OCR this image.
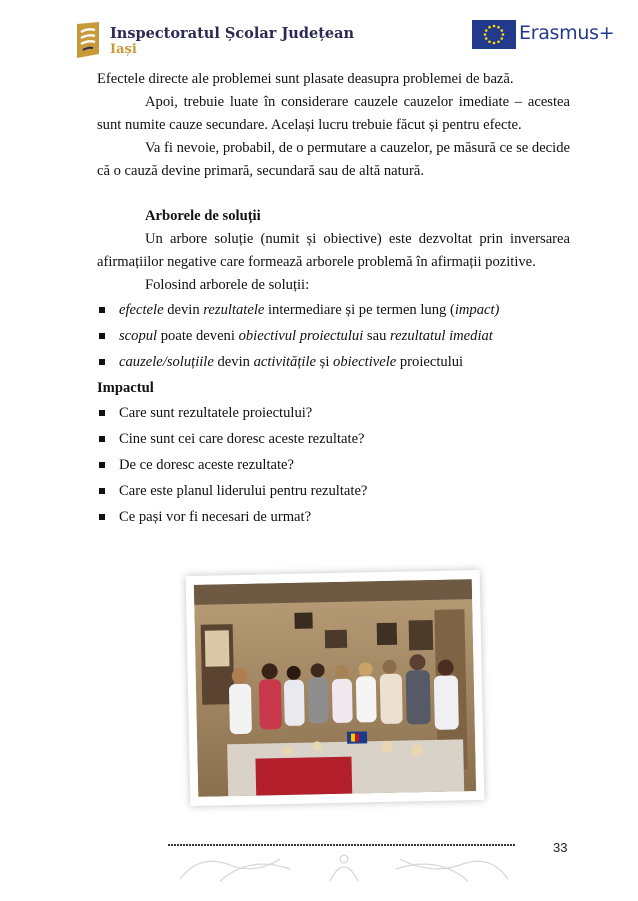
Inspectoratul Școlar Județean
Iași
Erasmus+

Efectele directe ale problemei sunt plasate deasupra problemei de bază.

Apoi, trebuie luate în considerare cauzele cauzelor imediate – acestea sunt numite cauze secundare. Același lucru trebuie făcut și pentru efecte.

Va fi nevoie, probabil, de o permutare a cauzelor, pe măsură ce se decide că o cauză devine primară, secundară sau de altă natură.

Arborele de soluții

Un arbore soluție (numit și obiective) este dezvoltat prin inversarea afirmațiilor negative care formează arborele problemă în afirmații pozitive.

Folosind arborele de soluții:

efectele devin rezultatele intermediare și pe termen lung (impact)
scopul poate deveni obiectivul proiectului sau rezultatul imediat
cauzele/soluțiile devin activitățile și obiectivele proiectului
Impactul
Care sunt rezultatele proiectului?
Cine sunt cei care doresc aceste rezultate?
De ce doresc aceste rezultate?
Care este planul liderului pentru rezultate?
Ce pași vor fi necesari de urmat?
33
